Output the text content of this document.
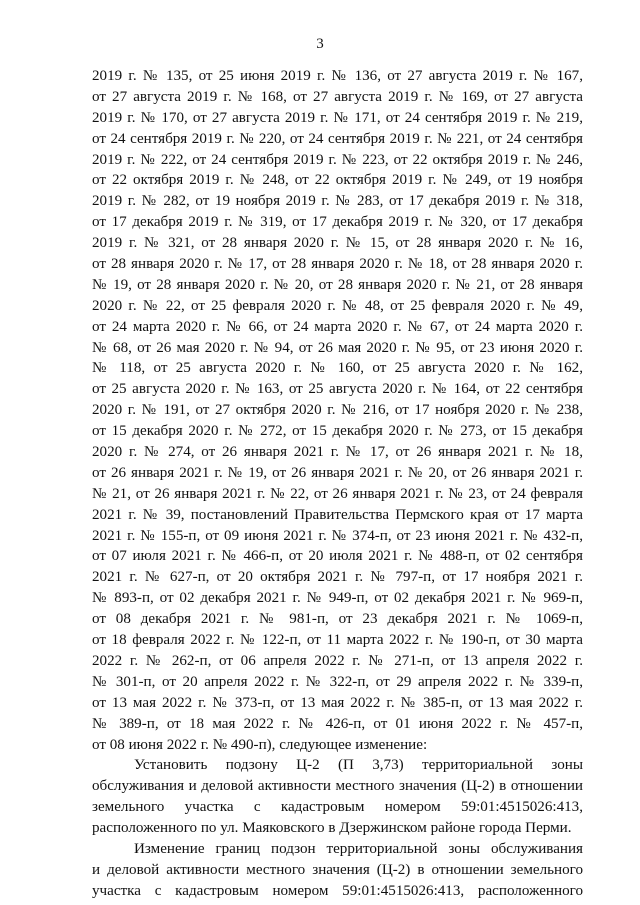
3
2019 г. № 135, от 25 июня 2019 г. № 136, от 27 августа 2019 г. № 167,
от 27 августа 2019 г. № 168, от 27 августа 2019 г. № 169, от 27 августа
2019 г. № 170, от 27 августа 2019 г. № 171, от 24 сентября 2019 г. № 219,
от 24 сентября 2019 г. № 220, от 24 сентября 2019 г. № 221, от 24 сентября
2019 г. № 222, от 24 сентября 2019 г. № 223, от 22 октября 2019 г. № 246,
от 22 октября 2019 г. № 248, от 22 октября 2019 г. № 249, от 19 ноября
2019 г. № 282, от 19 ноября 2019 г. № 283, от 17 декабря 2019 г. № 318,
от 17 декабря 2019 г. № 319, от 17 декабря 2019 г. № 320, от 17 декабря
2019 г. № 321, от 28 января 2020 г. № 15, от 28 января 2020 г. № 16,
от 28 января 2020 г. № 17, от 28 января 2020 г. № 18, от 28 января 2020 г.
№ 19, от 28 января 2020 г. № 20, от 28 января 2020 г. № 21, от 28 января
2020 г. № 22, от 25 февраля 2020 г. № 48, от 25 февраля 2020 г. № 49,
от 24 марта 2020 г. № 66, от 24 марта 2020 г. № 67, от 24 марта 2020 г.
№ 68, от 26 мая 2020 г. № 94, от 26 мая 2020 г. № 95, от 23 июня 2020 г.
№ 118, от 25 августа 2020 г. № 160, от 25 августа 2020 г. № 162,
от 25 августа 2020 г. № 163, от 25 августа 2020 г. № 164, от 22 сентября
2020 г. № 191, от 27 октября 2020 г. № 216, от 17 ноября 2020 г. № 238,
от 15 декабря 2020 г. № 272, от 15 декабря 2020 г. № 273, от 15 декабря
2020 г. № 274, от 26 января 2021 г. № 17, от 26 января 2021 г. № 18,
от 26 января 2021 г. № 19, от 26 января 2021 г. № 20, от 26 января 2021 г.
№ 21, от 26 января 2021 г. № 22, от 26 января 2021 г. № 23, от 24 февраля
2021 г. № 39, постановлений Правительства Пермского края от 17 марта
2021 г. № 155-п, от 09 июня 2021 г. № 374-п, от 23 июня 2021 г. № 432-п,
от 07 июля 2021 г. № 466-п, от 20 июля 2021 г. № 488-п, от 02 сентября
2021 г. № 627-п, от 20 октября 2021 г. № 797-п, от 17 ноября 2021 г.
№ 893-п, от 02 декабря 2021 г. № 949-п, от 02 декабря 2021 г. № 969-п,
от 08 декабря 2021 г. № 981-п, от 23 декабря 2021 г. № 1069-п,
от 18 февраля 2022 г. № 122-п, от 11 марта 2022 г. № 190-п, от 30 марта
2022 г. № 262-п, от 06 апреля 2022 г. № 271-п, от 13 апреля 2022 г.
№ 301-п, от 20 апреля 2022 г. № 322-п, от 29 апреля 2022 г. № 339-п,
от 13 мая 2022 г. № 373-п, от 13 мая 2022 г. № 385-п, от 13 мая 2022 г.
№ 389-п, от 18 мая 2022 г. № 426-п, от 01 июня 2022 г. № 457-п,
от 08 июня 2022 г. № 490-п), следующее изменение:
Установить подзону Ц-2 (П 3,73) территориальной зоны
обслуживания и деловой активности местного значения (Ц-2) в отношении
земельного участка с кадастровым номером 59:01:4515026:413,
расположенного по ул. Маяковского в Дзержинском районе города Перми.
Изменение границ подзон территориальной зоны обслуживания
и деловой активности местного значения (Ц-2) в отношении земельного
участка с кадастровым номером 59:01:4515026:413, расположенного
